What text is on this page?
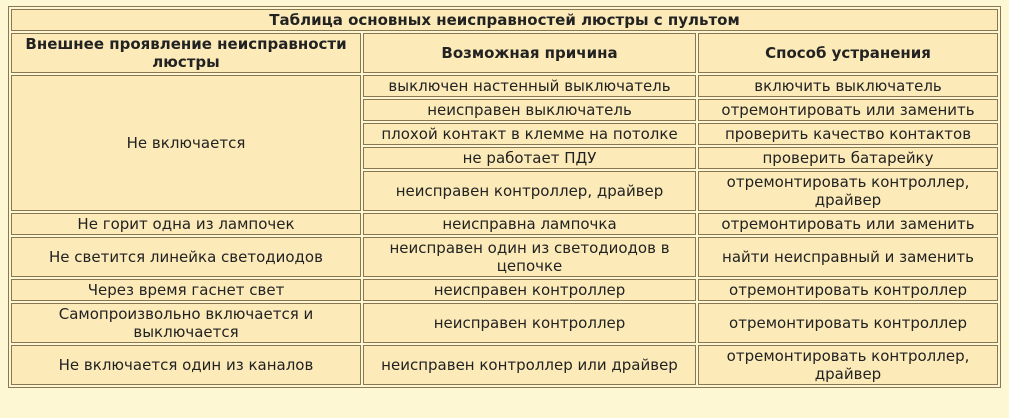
Таблица основных неисправностей люстры с пультом		
Внешнее проявление неисправности люстры	Возможная причина	Способ устранения
Не включается	выключен настенный выключатель	включить выключатель
	неисправен выключатель	отремонтировать или заменить
	плохой контакт в клемме на потолке	проверить качество контактов
	не работает ПДУ	проверить батарейку
	неисправен контроллер, драйвер	отремонтировать контроллер, драйвер
Не горит одна из лампочек	неисправна лампочка	отремонтировать или заменить
Не светится линейка светодиодов	неисправен один из светодиодов в цепочке	найти неисправный и заменить
Через время гаснет свет	неисправен контроллер	отремонтировать контроллер
Самопроизвольно включается и выключается	неисправен контроллер	отремонтировать контроллер
Не включается один из каналов	неисправен контроллер или драйвер	отремонтировать контроллер, драйвер
